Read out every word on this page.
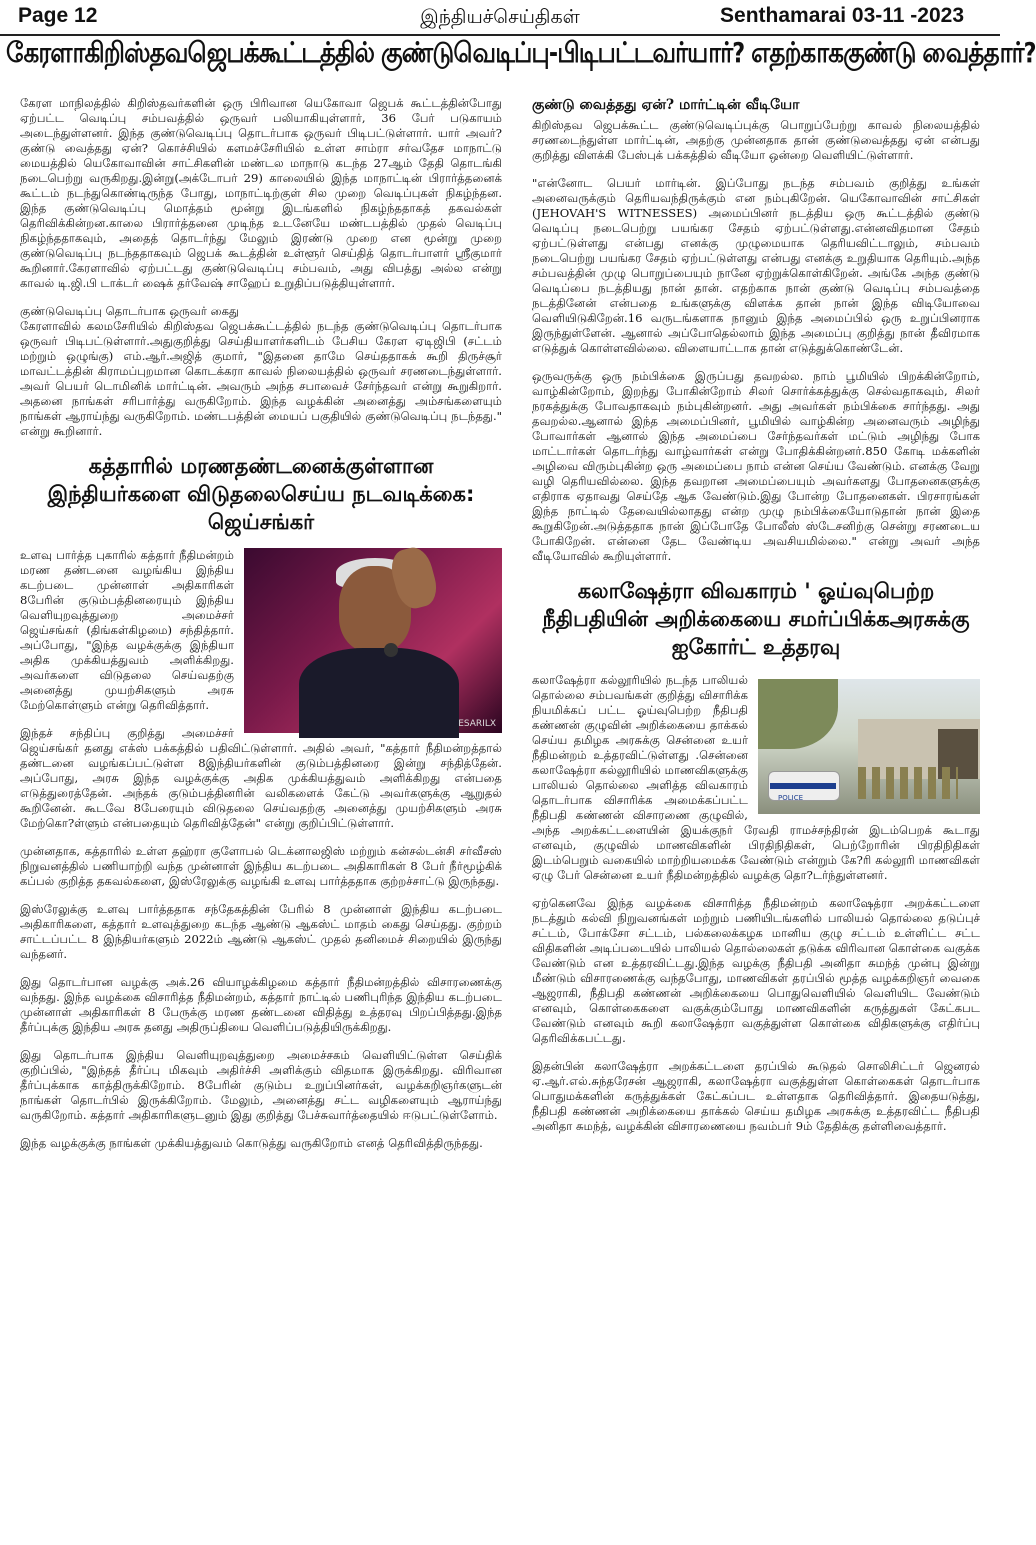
Page 12	இந்தியச்செய்திகள்	Senthamarai 03-11 -2023
கேரளாகிறிஸ்தவஜெபக்கூட்டத்தில் குண்டுவெடிப்பு-பிடிபட்டவர்யார்? எதற்காககுண்டு வைத்தார்?

கேரள மாநிலத்தில் கிறிஸ்தவர்களின் ஒரு பிரிவான யெகோவா ஜெபக் கூட்டத்தின்போது ஏற்பட்ட வெடிப்பு சம்பவத்தில் ஒருவர் பலியாகியுள்ளார், 36 பேர் படுகாயம் அடைந்துள்ளனர். இந்த குண்டுவெடிப்பு தொடர்பாக ஒருவர் பிடிபட்டுள்ளார். யார் அவர்? குண்டு வைத்தது ஏன்? கொச்சியில் களமச்சேரியில் உள்ள சாம்ரா சர்வதேச மாநாட்டு மையத்தில் யெகோவாவின் சாட்சிகளின் மண்டல மாநாடு கடந்த 27ஆம் தேதி தொடங்கி நடைபெற்று வருகிறது.இன்று(அக்டோபர் 29) காலையில் இந்த மாநாட்டின் பிரார்த்தனைக் கூட்டம் நடந்துகொண்டிருந்த போது, மாநாட்டிற்குள் சில முறை வெடிப்புகள் நிகழ்ந்தன. இந்த குண்டுவெடிப்பு மொத்தம் மூன்று இடங்களில் நிகழ்ந்ததாகத் தகவல்கள் தெரிவிக்கின்றன.காலை பிரார்த்தனை முடிந்த உடனேயே மண்டபத்தில் முதல் வெடிப்பு நிகழ்ந்ததாகவும், அதைத் தொடர்ந்து மேலும் இரண்டு முறை என மூன்று முறை குண்டுவெடிப்பு நடந்ததாகவும் ஜெபக் கூடத்தின் உள்ளூர் செய்தித் தொடர்பாளர் ஸ்ரீகுமார் கூறினார்.கேரளாவில் ஏற்பட்டது குண்டுவெடிப்பு சம்பவம், அது விபத்து அல்ல என்று காவல் டி.ஜி.பி டாக்டர் ஷைக் தர்வேஷ் சாஹேப் உறுதிப்படுத்தியுள்ளார்.

குண்டுவெடிப்பு தொடர்பாக ஒருவர் கைது

கேரளாவில் கலமசேரியில் கிறிஸ்தவ ஜெபக்கூட்டத்தில் நடந்த குண்டுவெடிப்பு தொடர்பாக ஒருவர் பிடிபட்டுள்ளார்.அதுகுறித்து செய்தியாளர்களிடம் பேசிய கேரள ஏடிஜிபி (சட்டம் மற்றும் ஒழுங்கு) எம்.ஆர்.அஜித் குமார், "இதனை தாமே செய்ததாகக் கூறி திருச்சூர் மாவட்டத்தின் கிராமப்புறமான கொடக்கரா காவல் நிலையத்தில் ஒருவர் சரணடைந்துள்ளார். அவர் பெயர் டொமினிக் மார்ட்டின். அவரும் அந்த சபாவைச் சேர்ந்தவர் என்று கூறுகிறார். அதனை நாங்கள் சரிபார்த்து வருகிறோம். இந்த வழக்கின் அனைத்து அம்சங்களையும் நாங்கள் ஆராய்ந்து வருகிறோம். மண்டபத்தின் மையப் பகுதியில் குண்டுவெடிப்பு நடந்தது." என்று கூறினார்.

கத்தாரில் மரணதண்டனைக்குள்ளான இந்தியர்களை விடுதலைசெய்ய நடவடிக்கை: ஜெய்சங்கர்
ESARILX

உளவு பார்த்த புகாரில் கத்தார் நீதிமன்றம் மரண தண்டனை வழங்கிய இந்திய கடற்படை முன்னாள் அதிகாரிகள் 8பேரின் குடும்பத்தினரையும் இந்திய வெளியுறவுத்துறை அமைச்சர் ஜெய்சங்கர் (திங்கள்கிழமை) சந்தித்தார். அப்போது, "இந்த வழக்குக்கு இந்தியா அதிக முக்கியத்துவம் அளிக்கிறது. அவர்களை விடுதலை செய்வதற்கு அனைத்து முயற்சிகளும் அரசு மேற்கொள்ளும் என்று தெரிவித்தார்.

இந்தச் சந்திப்பு குறித்து அமைச்சர் ஜெய்சங்கர் தனது எக்ஸ் பக்கத்தில் பதிவிட்டுள்ளார். அதில் அவர், "கத்தார் நீதிமன்றத்தால் தண்டனை வழங்கப்பட்டுள்ள 8இந்தியர்களின் குடும்பத்தினரை இன்று சந்தித்தேன். அப்போது, அரசு இந்த வழக்குக்கு அதிக முக்கியத்துவம் அளிக்கிறது என்பதை எடுத்துரைத்தேன். அந்தக் குடும்பத்தினரின் வலிகளைக் கேட்டு அவர்களுக்கு ஆறுதல் கூறினேன். கூடவே 8பேரையும் விடுதலை செய்வதற்கு அனைத்து முயற்சிகளும் அரசு மேற்கொ?ள்ளும் என்பதையும் தெரிவித்தேன்" என்று குறிப்பிட்டுள்ளார்.

முன்னதாக, கத்தாரில் உள்ள தஹ்ரா குளோபல் டெக்னாலஜிஸ் மற்றும் கன்சல்டன்சி சர்வீசஸ் நிறுவனத்தில் பணியாற்றி வந்த முன்னாள் இந்திய கடற்படை அதிகாரிகள் 8 பேர் நீர்மூழ்கிக் கப்பல் குறித்த தகவல்களை, இஸ்ரேலுக்கு வழங்கி உளவு பார்த்ததாக குற்றச்சாட்டு இருந்தது.

இஸ்ரேலுக்கு உளவு பார்த்ததாக சந்தேகத்தின் பேரில் 8 முன்னாள் இந்திய கடற்படை அதிகாரிகளை, கத்தார் உளவுத்துறை கடந்த ஆண்டு ஆகஸ்ட் மாதம் கைது செய்தது. குற்றம் சாட்டப்பட்ட 8 இந்தியர்களும் 2022ம் ஆண்டு ஆகஸ்ட் முதல் தனிமைச் சிறையில் இருந்து வந்தனர்.

இது தொடர்பான வழக்கு அக்.26 வியாழக்கிழமை கத்தார் நீதிமன்றத்தில் விசாரணைக்கு வந்தது. இந்த வழக்கை விசாரித்த நீதிமன்றம், கத்தார் நாட்டில் பணிபுரிந்த இந்திய கடற்படை முன்னாள் அதிகாரிகள் 8 பேருக்கு மரண தண்டனை விதித்து உத்தரவு பிறப்பித்தது.இந்த தீர்ப்புக்கு இந்திய அரசு தனது அதிருப்தியை வெளிப்படுத்தியிருக்கிறது.

இது தொடர்பாக இந்திய வெளியுறவுத்துறை அமைச்சகம் வெளியிட்டுள்ள செய்திக் குறிப்பில், "இந்தத் தீர்ப்பு மிகவும் அதிர்ச்சி அளிக்கும் விதமாக இருக்கிறது. விரிவான தீர்ப்புக்காக காத்திருக்கிறோம். 8பேரின் குடும்ப உறுப்பினர்கள், வழக்கறிஞர்களுடன் நாங்கள் தொடர்பில் இருக்கிறோம். மேலும், அனைத்து சட்ட வழிகளையும் ஆராய்ந்து வருகிறோம். கத்தார் அதிகாரிகளுடனும் இது குறித்து பேச்சுவார்த்தையில் ஈடுபட்டுள்ளோம்.

இந்த வழக்குக்கு நாங்கள் முக்கியத்துவம் கொடுத்து வருகிறோம் எனத் தெரிவித்திருந்தது.

குண்டு வைத்தது ஏன்? மார்ட்டின் வீடியோ

கிறிஸ்தவ ஜெபக்கூட்ட குண்டுவெடிப்புக்கு பொறுப்பேற்று காவல் நிலையத்தில் சரணடைந்துள்ள மார்ட்டின், அதற்கு முன்னதாக தான் குண்டுவைத்தது ஏன் என்பது குறித்து விளக்கி பேஸ்புக் பக்கத்தில் வீடியோ ஒன்றை வெளியிட்டுள்ளார்.

"என்னோட பெயர் மார்டின். இப்போது நடந்த சம்பவம் குறித்து உங்கள் அனைவருக்கும் தெரியவந்திருக்கும் என நம்புகிறேன். யெகோவாவின் சாட்சிகள் (JEHOVAH'S WITNESSES) அமைப்பினர் நடத்திய ஒரு கூட்டத்தில் குண்டு வெடிப்பு நடைபெற்று பயங்கர சேதம் ஏற்பட்டுள்ளது.என்னவிதமான சேதம் ஏற்பட்டுள்ளது என்பது எனக்கு முழுமையாக தெரியவிட்டாலும், சம்பவம் நடைபெற்று பயங்கர சேதம் ஏற்பட்டுள்ளது என்பது எனக்கு உறுதியாக தெரியும்.அந்த சம்பவத்தின் முழு பொறுப்பையும் நானே ஏற்றுக்கொள்கிறேன். அங்கே அந்த குண்டு வெடிப்பை நடத்தியது நான் தான். எதற்காக நான் குண்டு வெடிப்பு சம்பவத்தை நடத்தினேன் என்பதை உங்களுக்கு விளக்க தான் நான் இந்த விடியோவை வெளியிடுகிறேன்.16 வருடங்களாக நானும் இந்த அமைப்பில் ஒரு உறுப்பினராக இருந்துள்ளேன். ஆனால் அப்போதெல்லாம் இந்த அமைப்பு குறித்து நான் தீவிரமாக எடுத்துக் கொள்ளவில்லை. விளையாட்டாக தான் எடுத்துக்கொண்டேன்.

ஒருவருக்கு ஒரு நம்பிக்கை இருப்பது தவறல்ல. நாம் பூமியில் பிறக்கின்றோம், வாழ்கின்றோம், இறந்து போகின்றோம் சிலர் சொர்க்கத்துக்கு செல்வதாகவும், சிலர் நரகத்துக்கு போவதாகவும் நம்புகின்றனர். அது அவர்கள் நம்பிக்கை சார்ந்தது. அது தவறல்ல.ஆனால் இந்த அமைப்பினர், பூமியில் வாழ்கின்ற அனைவரும் அழிந்து போவார்கள் ஆனால் இந்த அமைப்பை சேர்ந்தவர்கள் மட்டும் அழிந்து போக மாட்டார்கள் தொடர்ந்து வாழ்வார்கள் என்று போதிக்கின்றனர்.850 கோடி மக்களின் அழிவை விரும்புகின்ற ஒரு அமைப்பை நாம் என்ன செய்ய வேண்டும். எனக்கு வேறு வழி தெரியவில்லை. இந்த தவறான அமைப்பையும் அவர்களது போதனைகளுக்கு எதிராக ஏதாவது செய்தே ஆக வேண்டும்.இது போன்ற போதனைகள். பிரசாரங்கள் இந்த நாட்டில் தேவையில்லாதது என்ற முழு நம்பிக்கையோடுதான் நான் இதை கூறுகிறேன்.அடுத்ததாக நான் இப்போதே போலீஸ் ஸ்டேசனிற்கு சென்று சரணடைய போகிறேன். என்னை தேட வேண்டிய அவசியமில்லை." என்று அவர் அந்த வீடியோவில் கூறியுள்ளார்.

கலாஷேத்ரா விவகாரம் ' ஓய்வுபெற்ற நீதிபதியின் அறிக்கையை சமர்ப்பிக்கஅரசுக்கு ஐகோர்ட் உத்தரவு
POLICE

கலாஷேத்ரா கல்லூரியில் நடந்த பாலியல் தொல்லை சம்பவங்கள் குறித்து விசாரிக்க நியமிக்கப் பட்ட ஓய்வுபெற்ற நீதிபதி கண்ணன் குழுவின் அறிக்கையை தாக்கல் செய்ய தமிழக அரசுக்கு சென்னை உயர் நீதிமன்றம் உத்தரவிட்டுள்ளது .சென்னை கலாஷேத்ரா கல்லூரியில் மாணவிகளுக்கு பாலியல் தொல்லை அளித்த விவகாரம் தொடர்பாக விசாரிக்க அமைக்கப்பட்ட நீதிபதி கண்ணன் விசாரணை குழுவில், அந்த அறக்கட்டளையின் இயக்குநர் ரேவதி ராமச்சந்திரன் இடம்பெறக் கூடாது எனவும், குழுவில் மாணவிகளின் பிரதிநிதிகள், பெற்றோரின் பிரதிநிதிகள் இடம்பெறும் வகையில் மாற்றியமைக்க வேண்டும் என்றும் கே?ரி கல்லூரி மாணவிகள் ஏழு பேர் சென்னை உயர் நீதிமன்றத்தில் வழக்கு தொ?டர்ந்துள்ளனர்.

ஏற்கெனவே இந்த வழக்கை விசாரித்த நீதிமன்றம் கலாஷேத்ரா அறக்கட்டளை நடத்தும் கல்வி நிறுவனங்கள் மற்றும் பணியிடங்களில் பாலியல் தொல்லை தடுப்புச் சட்டம், போக்சோ சட்டம், பல்கலைக்கழக மானிய குழு சட்டம் உள்ளிட்ட சட்ட விதிகளின் அடிப்படையில் பாலியல் தொல்லைகள் தடுக்க விரிவான கொள்கை வகுக்க வேண்டும் என உத்தரவிட்டது.இந்த வழக்கு நீதிபதி அனிதா சுமந்த் முன்பு இன்று மீண்டும் விசாரணைக்கு வந்தபோது, மாணவிகள் தரப்பில் மூத்த வழக்கறிஞர் வைகை ஆஜராகி, நீதிபதி கண்ணன் அறிக்கையை பொதுவெளியில் வெளியிட வேண்டும் எனவும், கொள்கைகளை வகுக்கும்போது மாணவிகளின் கருத்துகள் கேட்கபட வேண்டும் எனவும் கூறி கலாஷேத்ரா வகுத்துள்ள கொள்கை விதிகளுக்கு எதிர்ப்பு தெரிவிக்கபட்டது.

இதன்பின் கலாஷேத்ரா அறக்கட்டளை தரப்பில் கூடுதல் சொலிசிட்டர் ஜெனரல் ஏ.ஆர்.எல்.சுந்தரேசன் ஆஜராகி, கலாஷேத்ரா வகுத்துள்ள கொள்கைகள் தொடர்பாக பொதுமக்களின் கருத்துக்கள் கேட்கப்பட உள்ளதாக தெரிவித்தார். இதையடுத்து, நீதிபதி கண்ணன் அறிக்கையை தாக்கல் செய்ய தமிழக அரசுக்கு உத்தரவிட்ட நீதிபதி அனிதா சுமந்த், வழக்கின் விசாரணையை நவம்பர் 9ம் தேதிக்கு தள்ளிவைத்தார்.
